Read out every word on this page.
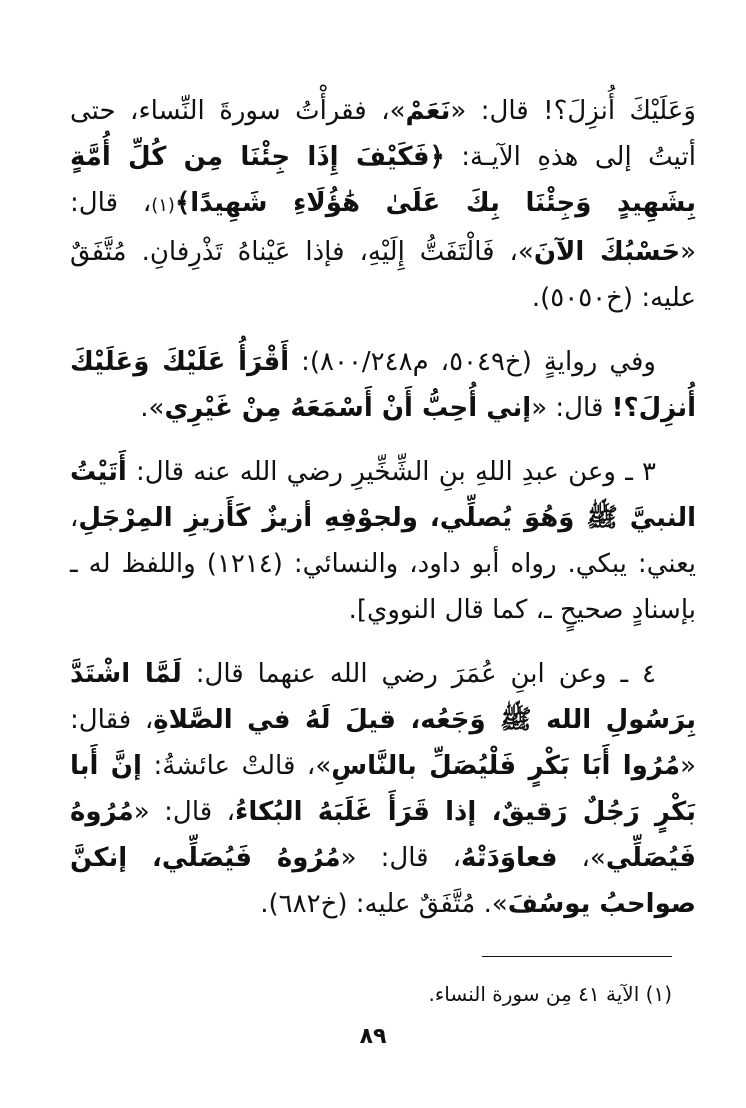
وَعَلَيْكَ أُنزِلَ؟! قال: «نَعَمْ»، فقرأْتُ سورةَ النِّساء، حتى أتيتُ إلى هذهِ الآيـة: ﴿فَكَيْفَ إِذَا جِئْنَا مِن كُلِّ أُمَّةٍ بِشَهِيدٍ وَجِئْنَا بِكَ عَلَىٰ هَٰؤُلَاءِ شَهِيدًا﴾(١)، قال: «حَسْبُكَ الآنَ»، فَالْتَفَتُّ إِلَيْهِ، فإذا عَيْناهُ تَذْرِفانِ. مُتَّفَقٌ عليه: (خ٥٠٥٠).

وفي روايةٍ (خ٥٠٤٩، م٨٠٠/٢٤٨): أَقْرَأُ عَلَيْكَ وَعَلَيْكَ أُنزِلَ؟! قال: «إني أُحِبُّ أَنْ أَسْمَعَهُ مِنْ غَيْرِي».

٣ ـ وعن عبدِ اللهِ بنِ الشِّخِّيرِ رضي الله عنه قال: أَتَيْتُ النبيَّ ﷺ وَهُوَ يُصلِّي، ولجوْفِهِ أزيزٌ كَأَزيزِ المِرْجَلِ، يعني: يبكي. رواه أبو داود، والنسائي: (١٢١٤) واللفظ له ـ بإسنادٍ صحيحٍ ـ، كما قال النووي].

٤ ـ وعن ابنِ عُمَرَ رضي الله عنهما قال: لَمَّا اشْتَدَّ بِرَسُولِ الله ﷺ وَجَعُه، قيلَ لَهُ في الصَّلاةِ، فقال: «مُرُوا أَبَا بَكْرٍ فَلْيُصَلِّ بالنَّاسِ»، قالتْ عائشةُ: إنَّ أَبا بَكْرٍ رَجُلٌ رَقيقٌ، إذا قَرَأَ غَلَبَهُ البُكاءُ، قال: «مُرُوهُ فَيُصَلِّي»، فعاوَدَتْهُ، قال: «مُرُوهُ فَيُصَلِّي، إنكنَّ صواحبُ يوسُفَ». مُتَّفَقٌ عليه: (خ٦٨٢).

(١) الآية ٤١ مِن سورة النساء.
٨٩
